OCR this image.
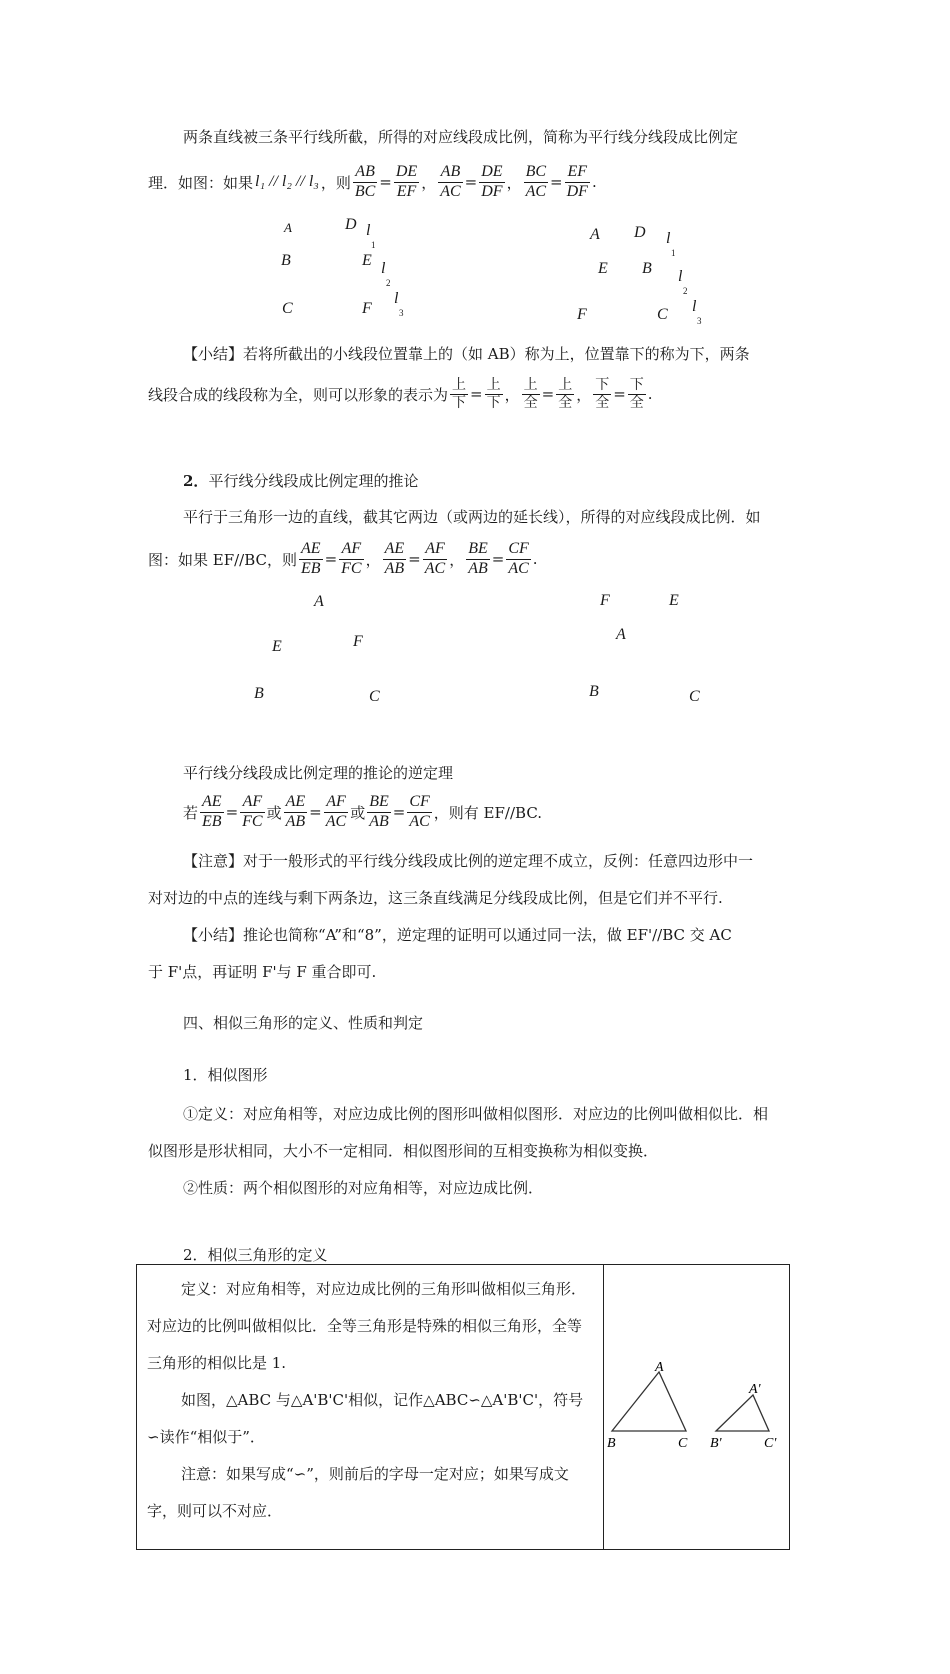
两条直线被三条平行线所截，所得的对应线段成比例，简称为平行线分线段成比例定
理．如图：如果 l₁ // l₂ // l₃ ，则 $\frac{AB}{BC} = \frac{DE}{EF}$ ， $\frac{AB}{AC} = \frac{DE}{DF}$ ， $\frac{BC}{AC} = \frac{EF}{DF}$ .
A	D l
1
B	E l
2
l
C	F	3
A D l
1
E B l
2
l
F	C	3
【小结】若将所截出的小线段位置靠上的（如 AB）称为上，位置靠下的称为下，两条
线段合成的线段称为全，则可以形象的表示为 $\frac{\text{上}}{\text{下}} = \frac{\text{上}}{\text{下}}$ ， $\frac{\text{上}}{\text{全}} = \frac{\text{上}}{\text{全}}$ ， $\frac{\text{下}}{\text{全}} = \frac{\text{下}}{\text{全}}$ .
2．平行线分线段成比例定理的推论
平行于三角形一边的直线，截其它两边（或两边的延长线），所得的对应线段成比例．如
图：如果 EF//BC，则 $\frac{AE}{EB} = \frac{AF}{FC}$ ， $\frac{AE}{AB} = \frac{AF}{AC}$ ， $\frac{BE}{AB} = \frac{CF}{AC}$ .
A
E	F
B	C
F	E
A
B	C
平行线分线段成比例定理的推论的逆定理
若 $\frac{AE}{EB} = \frac{AF}{FC}$ 或 $\frac{AE}{AB} = \frac{AF}{AC}$ 或 $\frac{BE}{AB} = \frac{CF}{AC}$ ，则有 EF//BC.
【注意】对于一般形式的平行线分线段成比例的逆定理不成立，反例：任意四边形中一
对对边的中点的连线与剩下两条边，这三条直线满足分线段成比例，但是它们并不平行.
【小结】推论也简称“A”和“8”，逆定理的证明可以通过同一法，做 EF'//BC 交 AC
于 F'点，再证明 F'与 F 重合即可.
四、相似三角形的定义、性质和判定
1．相似图形
①定义：对应角相等，对应边成比例的图形叫做相似图形．对应边的比例叫做相似比．相
似图形是形状相同，大小不一定相同．相似图形间的互相变换称为相似变换．
②性质：两个相似图形的对应角相等，对应边成比例．
2．相似三角形的定义

定义：对应角相等，对应边成比例的三角形叫做相似三角形．对应边的比例叫做相似比．全等三角形是特殊的相似三角形，全等三角形的相似比是 1.

如图，△ABC 与△A'B'C'相似，记作△ABC∽△A'B'C'，符号∽读作“相似于”．

注意：如果写成“∽”，则前后的字母一定对应；如果写成文字，则可以不对应．

A
B	C
A'
B'	C'
